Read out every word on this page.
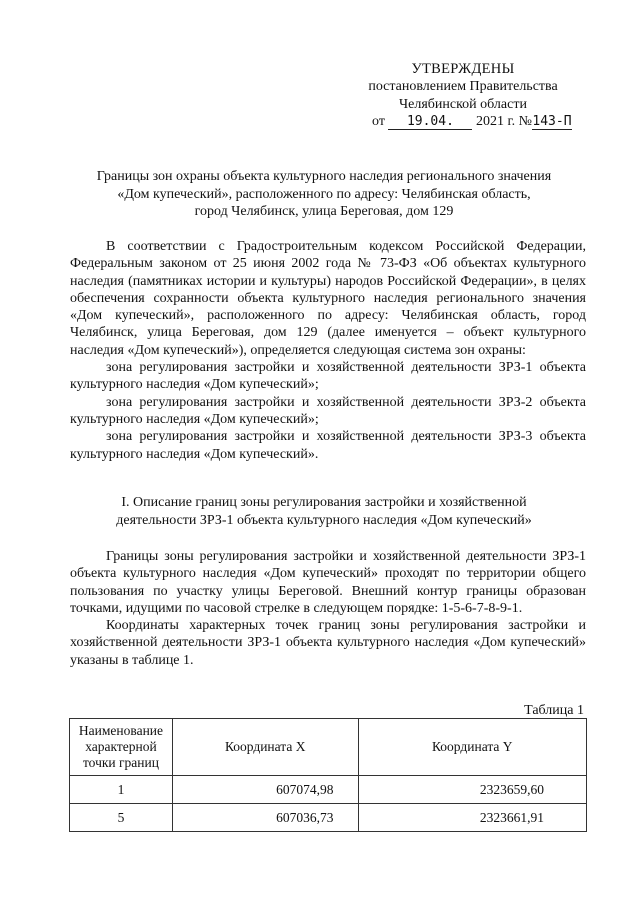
УТВЕРЖДЕНЫ
постановлением Правительства
Челябинской области
от 19.04. 2021 г. №143-П
Границы зон охраны объекта культурного наследия регионального значения
«Дом купеческий», расположенного по адресу: Челябинская область,
город Челябинск, улица Береговая, дом 129

В соответствии с Градостроительным кодексом Российской Федерации, Федеральным законом от 25 июня 2002 года № 73-ФЗ «Об объектах культурного наследия (памятниках истории и культуры) народов Российской Федерации», в целях обеспечения сохранности объекта культурного наследия регионального значения «Дом купеческий», расположенного по адресу: Челябинская область, город Челябинск, улица Береговая, дом 129 (далее именуется – объект культурного наследия «Дом купеческий»), определяется следующая система зон охраны:

зона регулирования застройки и хозяйственной деятельности ЗРЗ-1 объекта культурного наследия «Дом купеческий»;

зона регулирования застройки и хозяйственной деятельности ЗРЗ-2 объекта культурного наследия «Дом купеческий»;

зона регулирования застройки и хозяйственной деятельности ЗРЗ-3 объекта культурного наследия «Дом купеческий».

I. Описание границ зоны регулирования застройки и хозяйственной
деятельности ЗРЗ-1 объекта культурного наследия «Дом купеческий»

Границы зоны регулирования застройки и хозяйственной деятельности ЗРЗ-1 объекта культурного наследия «Дом купеческий» проходят по территории общего пользования по участку улицы Береговой. Внешний контур границы образован точками, идущими по часовой стрелке в следующем порядке: 1-5-6-7-8-9-1.

Координаты характерных точек границ зоны регулирования застройки и хозяйственной деятельности ЗРЗ-1 объекта культурного наследия «Дом купеческий» указаны в таблице 1.

Таблица 1
Наименование характерной точки границ	Координата X	Координата Y
1	607074,98	2323659,60
5	607036,73	2323661,91
